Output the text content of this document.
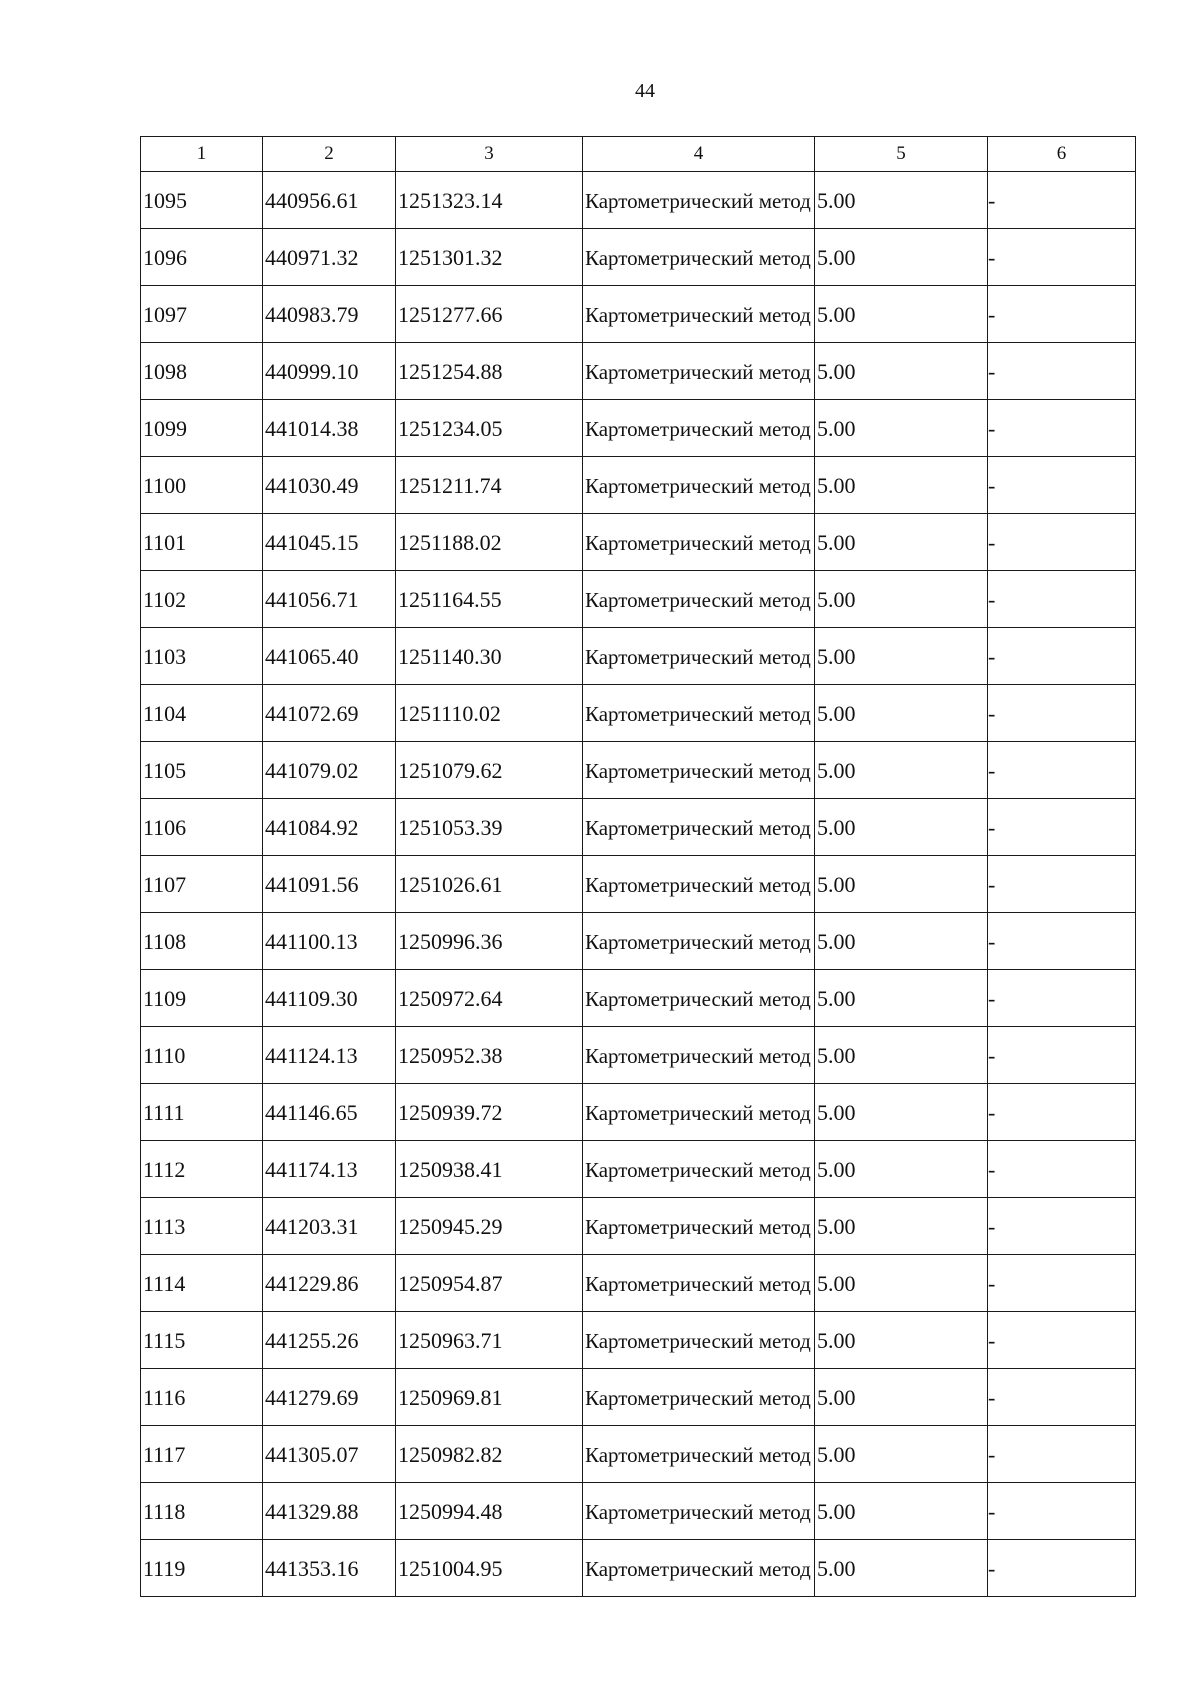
44
1	2	3	4	5	6
1095	440956.61	1251323.14	Картометрический метод	5.00	-
1096	440971.32	1251301.32	Картометрический метод	5.00	-
1097	440983.79	1251277.66	Картометрический метод	5.00	-
1098	440999.10	1251254.88	Картометрический метод	5.00	-
1099	441014.38	1251234.05	Картометрический метод	5.00	-
1100	441030.49	1251211.74	Картометрический метод	5.00	-
1101	441045.15	1251188.02	Картометрический метод	5.00	-
1102	441056.71	1251164.55	Картометрический метод	5.00	-
1103	441065.40	1251140.30	Картометрический метод	5.00	-
1104	441072.69	1251110.02	Картометрический метод	5.00	-
1105	441079.02	1251079.62	Картометрический метод	5.00	-
1106	441084.92	1251053.39	Картометрический метод	5.00	-
1107	441091.56	1251026.61	Картометрический метод	5.00	-
1108	441100.13	1250996.36	Картометрический метод	5.00	-
1109	441109.30	1250972.64	Картометрический метод	5.00	-
1110	441124.13	1250952.38	Картометрический метод	5.00	-
1111	441146.65	1250939.72	Картометрический метод	5.00	-
1112	441174.13	1250938.41	Картометрический метод	5.00	-
1113	441203.31	1250945.29	Картометрический метод	5.00	-
1114	441229.86	1250954.87	Картометрический метод	5.00	-
1115	441255.26	1250963.71	Картометрический метод	5.00	-
1116	441279.69	1250969.81	Картометрический метод	5.00	-
1117	441305.07	1250982.82	Картометрический метод	5.00	-
1118	441329.88	1250994.48	Картометрический метод	5.00	-
1119	441353.16	1251004.95	Картометрический метод	5.00	-
